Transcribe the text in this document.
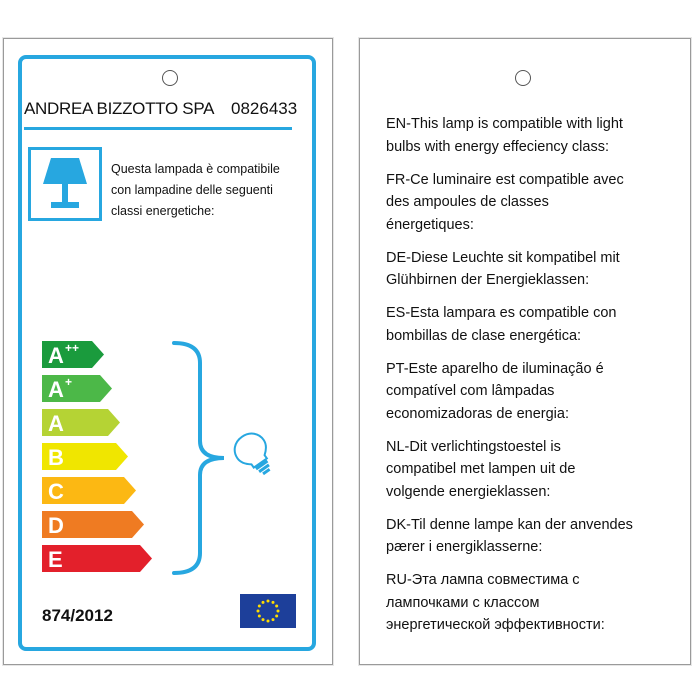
ANDREA BIZZOTTO SPA 0826433
Questa lampada è compatibile
con lampadine delle seguenti
classi energetiche:
A ++
A +
A
B
C
D
E
874/2012
EN-This lamp is compatible with light
bulbs with energy effeciency class:
FR-Ce luminaire est compatible avec
des ampoules de classes
énergetiques:
DE-Diese Leuchte sit kompatibel mit
Glühbirnen der Energieklassen:
ES-Esta lampara es compatible con
bombillas de clase energética:
PT-Este aparelho de iluminação é
compatível com lâmpadas
economizadoras de energia:
NL-Dit verlichtingstoestel is
compatibel met lampen uit de
volgende energieklassen:
DK-Til denne lampe kan der anvendes
pærer i energiklasserne:
RU-Эта лампа совместима с
лампочками с классом
энергетической эффективности:
